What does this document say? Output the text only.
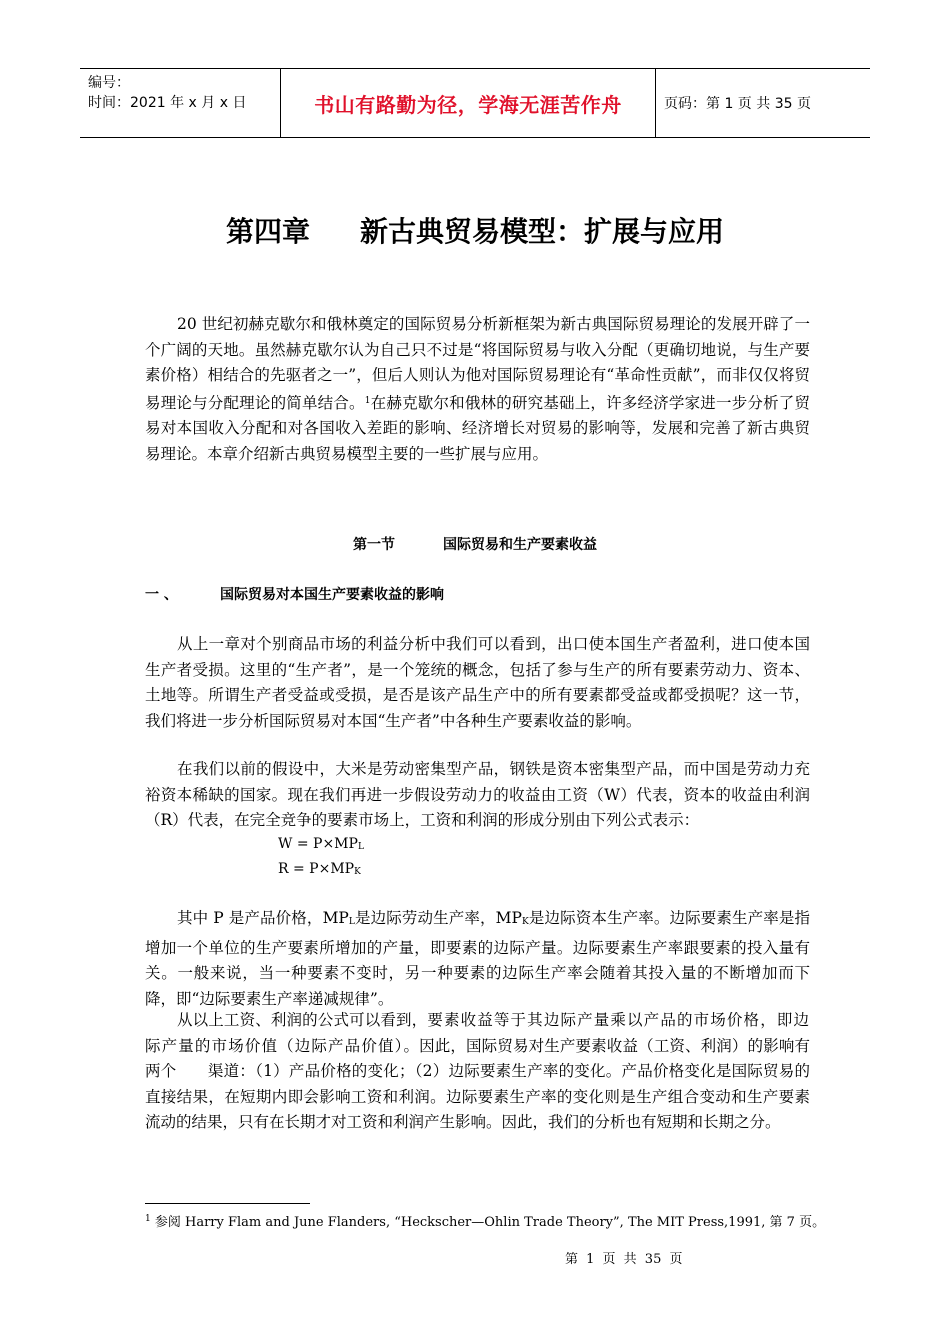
编号：
时间：2021 年 x 月 x 日	书山有路勤为径，学海无涯苦作舟	页码：第 1 页 共 35 页
第四章 新古典贸易模型：扩展与应用

20 世纪初赫克歇尔和俄林奠定的国际贸易分析新框架为新古典国际贸易理论的发展开辟了一个广阔的天地。虽然赫克歇尔认为自己只不过是“将国际贸易与收入分配（更确切地说，与生产要素价格）相结合的先驱者之一”，但后人则认为他对国际贸易理论有“革命性贡献”，而非仅仅将贸易理论与分配理论的简单结合。$^1$在赫克歇尔和俄林的研究基础上，许多经济学家进一步分析了贸易对本国收入分配和对各国收入差距的影响、经济增长对贸易的影响等，发展和完善了新古典贸易理论。本章介绍新古典贸易模型主要的一些扩展与应用。

第一节	国际贸易和生产要素收益
一 、	国际贸易对本国生产要素收益的影响

从上一章对个别商品市场的利益分析中我们可以看到，出口使本国生产者盈利，进口使本国生产者受损。这里的“生产者”，是一个笼统的概念，包括了参与生产的所有要素劳动力、资本、土地等。所谓生产者受益或受损，是否是该产品生产中的所有要素都受益或都受损呢？这一节，我们将进一步分析国际贸易对本国“生产者”中各种生产要素收益的影响。

在我们以前的假设中，大米是劳动密集型产品，钢铁是资本密集型产品，而中国是劳动力充裕资本稀缺的国家。现在我们再进一步假设劳动力的收益由工资（W）代表，资本的收益由利润（R）代表，在完全竞争的要素市场上，工资和利润的形成分别由下列公式表示：

$W = P\times MP_L$
$R = P\times MP_K$

其中 P 是产品价格，$MP_L$是边际劳动生产率，$MP_K$是边际资本生产率。边际要素生产率是指增加一个单位的生产要素所增加的产量，即要素的边际产量。边际要素生产率跟要素的投入量有关。一般来说，当一种要素不变时，另一种要素的边际生产率会随着其投入量的不断增加而下降，即“边际要素生产率递减规律”。

从以上工资、利润的公式可以看到，要素收益等于其边际产量乘以产品的市场价格，即边际产量的市场价值（边际产品价值）。因此，国际贸易对生产要素收益（工资、利润）的影响有两个　　渠道：（1）产品价格的变化；（2）边际要素生产率的变化。产品价格变化是国际贸易的直接结果，在短期内即会影响工资和利润。边际要素生产率的变化则是生产组合变动和生产要素流动的结果，只有在长期才对工资和利润产生影响。因此，我们的分析也有短期和长期之分。

$^1$ 参阅 Harry Flam and June Flanders, “Heckscher—Ohlin Trade Theory”, The MIT Press,1991, 第 7 页。
第 1 页 共 35 页
